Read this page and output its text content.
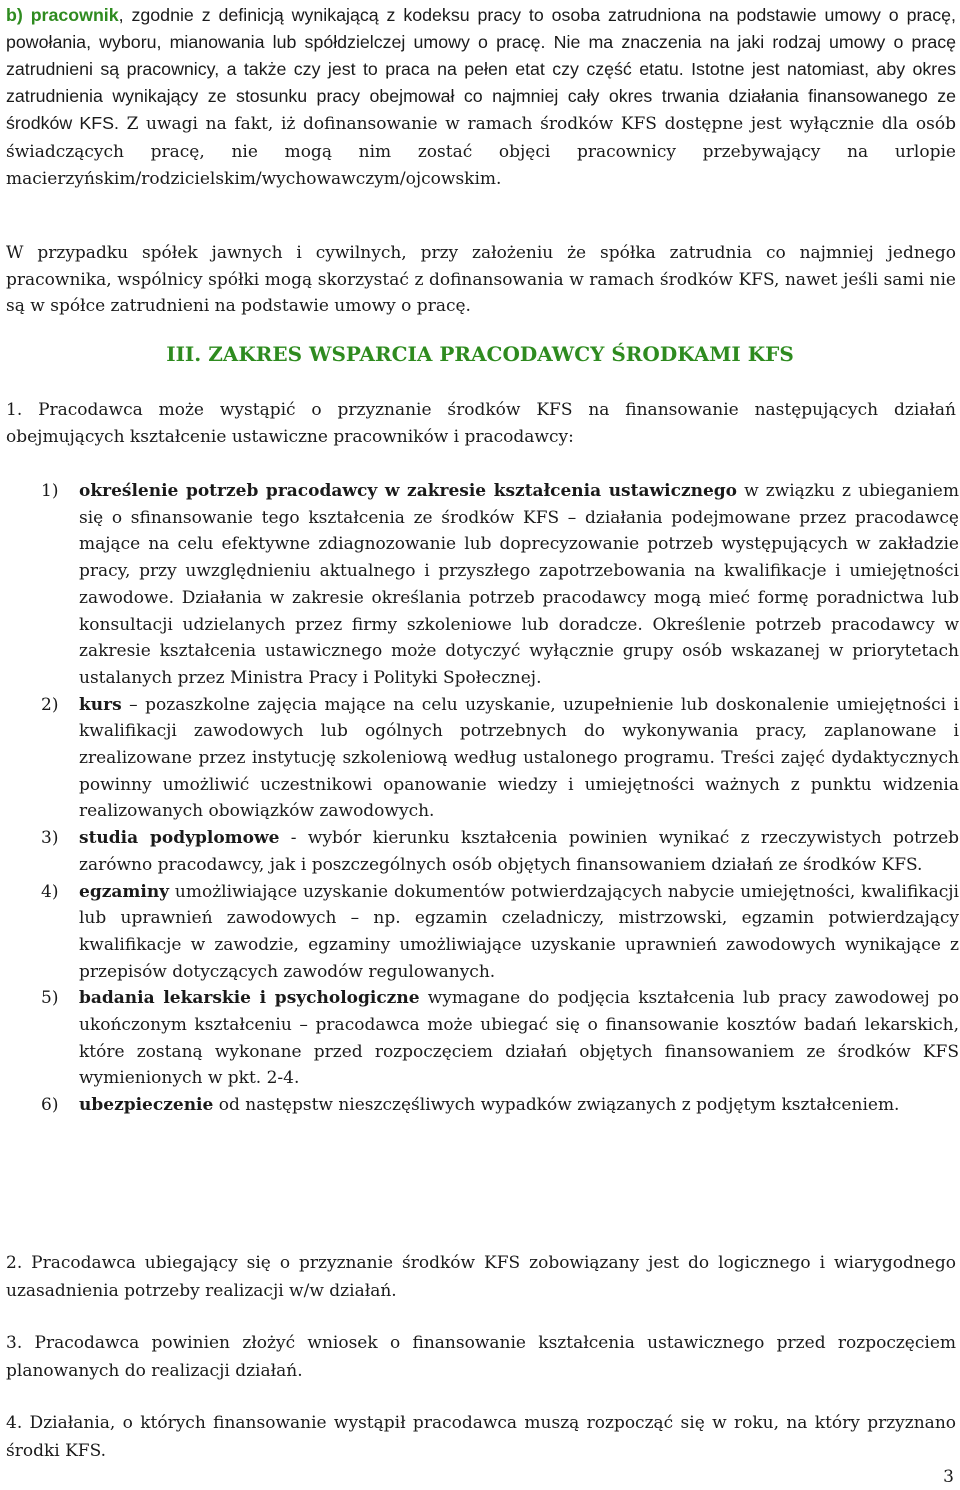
b) pracownik, zgodnie z definicją wynikającą z kodeksu pracy to osoba zatrudniona na podstawie umowy o pracę, powołania, wyboru, mianowania lub spółdzielczej umowy o pracę. Nie ma znaczenia na jaki rodzaj umowy o pracę zatrudnieni są pracownicy, a także czy jest to praca na pełen etat czy część etatu. Istotne jest natomiast, aby okres zatrudnienia wynikający ze stosunku pracy obejmował co najmniej cały okres trwania działania finansowanego ze środków KFS. Z uwagi na fakt, iż dofinansowanie w ramach środków KFS dostępne jest wyłącznie dla osób świadczących pracę, nie mogą nim zostać objęci pracownicy przebywający na urlopie macierzyńskim/rodzicielskim/wychowawczym/ojcowskim.

W przypadku spółek jawnych i cywilnych, przy założeniu że spółka zatrudnia co najmniej jednego pracownika, wspólnicy spółki mogą skorzystać z dofinansowania w ramach środków KFS, nawet jeśli sami nie są w spółce zatrudnieni na podstawie umowy o pracę.

III. ZAKRES WSPARCIA PRACODAWCY ŚRODKAMI KFS

1. Pracodawca może wystąpić o przyznanie środków KFS na finansowanie następujących działań obejmujących kształcenie ustawiczne pracowników i pracodawcy:

1) określenie potrzeb pracodawcy w zakresie kształcenia ustawicznego w związku z ubieganiem się o sfinansowanie tego kształcenia ze środków KFS – działania podejmowane przez pracodawcę mające na celu efektywne zdiagnozowanie lub doprecyzowanie potrzeb występujących w zakładzie pracy, przy uwzględnieniu aktualnego i przyszłego zapotrzebowania na kwalifikacje i umiejętności zawodowe. Działania w zakresie określania potrzeb pracodawcy mogą mieć formę poradnictwa lub konsultacji udzielanych przez firmy szkoleniowe lub doradcze. Określenie potrzeb pracodawcy w zakresie kształcenia ustawicznego może dotyczyć wyłącznie grupy osób wskazanej w priorytetach ustalanych przez Ministra Pracy i Polityki Społecznej.

2) kurs – pozaszkolne zajęcia mające na celu uzyskanie, uzupełnienie lub doskonalenie umiejętności i kwalifikacji zawodowych lub ogólnych potrzebnych do wykonywania pracy, zaplanowane i zrealizowane przez instytucję szkoleniową według ustalonego programu. Treści zajęć dydaktycznych powinny umożliwić uczestnikowi opanowanie wiedzy i umiejętności ważnych z punktu widzenia realizowanych obowiązków zawodowych.

3) studia podyplomowe - wybór kierunku kształcenia powinien wynikać z rzeczywistych potrzeb zarówno pracodawcy, jak i poszczególnych osób objętych finansowaniem działań ze środków KFS.

4) egzaminy umożliwiające uzyskanie dokumentów potwierdzających nabycie umiejętności, kwalifikacji lub uprawnień zawodowych – np. egzamin czeladniczy, mistrzowski, egzamin potwierdzający kwalifikacje w zawodzie, egzaminy umożliwiające uzyskanie uprawnień zawodowych wynikające z przepisów dotyczących zawodów regulowanych.

5) badania lekarskie i psychologiczne wymagane do podjęcia kształcenia lub pracy zawodowej po ukończonym kształceniu – pracodawca może ubiegać się o finansowanie kosztów badań lekarskich, które zostaną wykonane przed rozpoczęciem działań objętych finansowaniem ze środków KFS wymienionych w pkt. 2-4.

6) ubezpieczenie od następstw nieszczęśliwych wypadków związanych z podjętym kształceniem.

2. Pracodawca ubiegający się o przyznanie środków KFS zobowiązany jest do logicznego i wiarygodnego uzasadnienia potrzeby realizacji w/w działań.

3. Pracodawca powinien złożyć wniosek o finansowanie kształcenia ustawicznego przed rozpoczęciem planowanych do realizacji działań.

4. Działania, o których finansowanie wystąpił pracodawca muszą rozpocząć się w roku, na który przyznano środki KFS.

3
